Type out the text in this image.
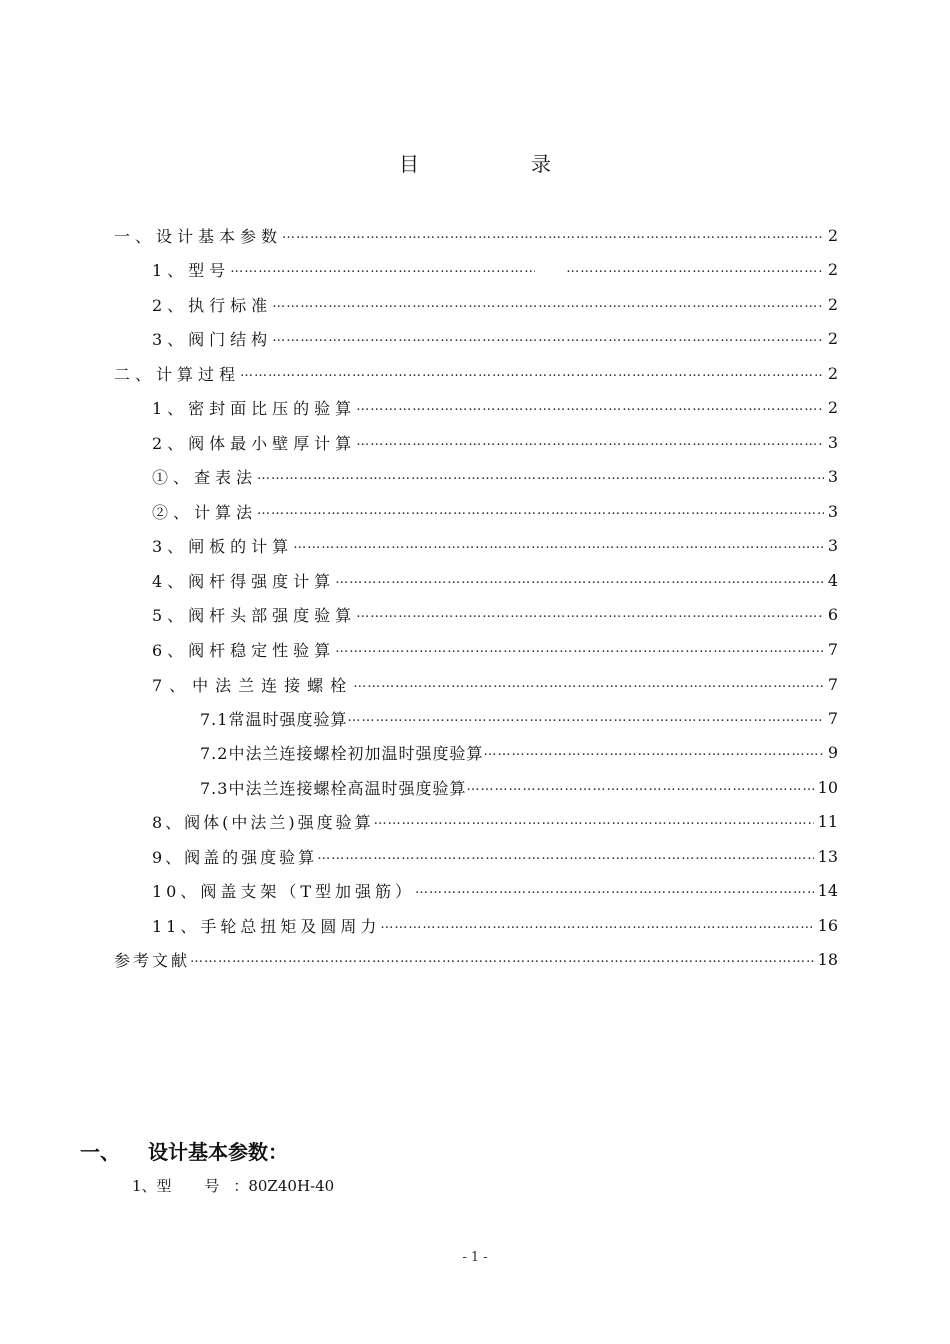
目　录
一、设计基本参数 …………………………………………………………………………………………………………………………………………………………………………………………	2
1、型号 …………………………………………………………………………………………………………………………………………………………………………………………	2
2、执行标准 …………………………………………………………………………………………………………………………………………………………………………………………	2
3、阀门结构 …………………………………………………………………………………………………………………………………………………………………………………………	2
二、计算过程 …………………………………………………………………………………………………………………………………………………………………………………………	2
1、密封面比压的验算 …………………………………………………………………………………………………………………………………………………………………………………………	2
2、阀体最小壁厚计算 …………………………………………………………………………………………………………………………………………………………………………………………	3
①、查表法 …………………………………………………………………………………………………………………………………………………………………………………………	3
②、计算法 …………………………………………………………………………………………………………………………………………………………………………………………	3
3、闸板的计算 …………………………………………………………………………………………………………………………………………………………………………………………	3
4、阀杆得强度计算 …………………………………………………………………………………………………………………………………………………………………………………………	4
5、阀杆头部强度验算 …………………………………………………………………………………………………………………………………………………………………………………………	6
6、阀杆稳定性验算 …………………………………………………………………………………………………………………………………………………………………………………………	7
7、中法兰连接螺栓 …………………………………………………………………………………………………………………………………………………………………………………………	7
7.1常温时强度验算 …………………………………………………………………………………………………………………………………………………………………………………………	7
7.2中法兰连接螺栓初加温时强度验算 …………………………………………………………………………………………………………………………………………………………………………………………	9
7.3中法兰连接螺栓高温时强度验算 …………………………………………………………………………………………………………………………………………………………………………………………	10
8、阀体(中法兰)强度验算 …………………………………………………………………………………………………………………………………………………………………………………………	11
9、阀盖的强度验算 …………………………………………………………………………………………………………………………………………………………………………………………	13
10、阀盖支架（T型加强筋） …………………………………………………………………………………………………………………………………………………………………………………………	14
11、手轮总扭矩及圆周力 …………………………………………………………………………………………………………………………………………………………………………………………	16
参考文献 …………………………………………………………………………………………………………………………………………………………………………………………	18
一、	设计基本参数：
1、型 号：80Z40H-40
- 1 -
